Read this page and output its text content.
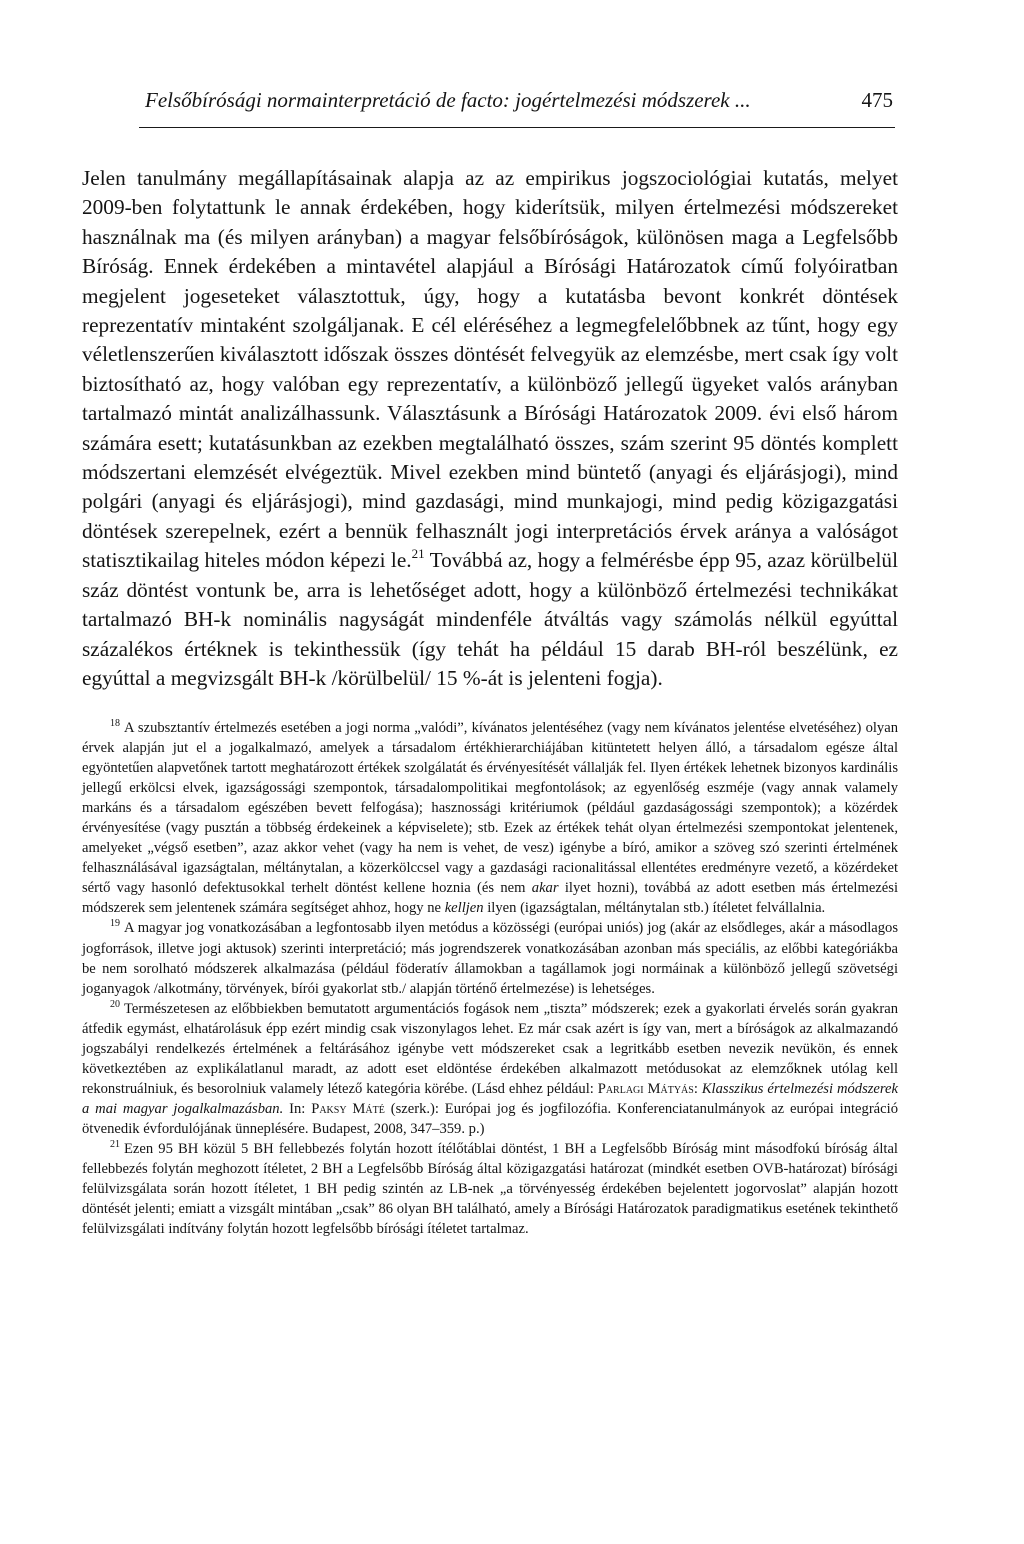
Felsőbírósági normainterpretáció de facto: jogértelmezési módszerek ...	475

Jelen tanulmány megállapításainak alapja az az empirikus jogszociológiai kutatás, melyet 2009-ben folytattunk le annak érdekében, hogy kiderítsük, milyen értelmezési módszereket használnak ma (és milyen arányban) a magyar felsőbíróságok, különösen maga a Legfelsőbb Bíróság. Ennek érdekében a mintavétel alapjául a Bírósági Határozatok című folyóiratban megjelent jogeseteket választottuk, úgy, hogy a kutatásba bevont konkrét döntések reprezentatív mintaként szolgáljanak. E cél eléréséhez a legmegfelelőbbnek az tűnt, hogy egy véletlenszerűen kiválasztott időszak összes döntését felvegyük az elemzésbe, mert csak így volt biztosítható az, hogy valóban egy reprezentatív, a különböző jellegű ügyeket valós arányban tartalmazó mintát analizálhassunk. Választásunk a Bírósági Határozatok 2009. évi első három számára esett; kutatásunkban az ezekben megtalálható összes, szám szerint 95 döntés komplett módszertani elemzését elvégeztük. Mivel ezekben mind büntető (anyagi és eljárásjogi), mind polgári (anyagi és eljárásjogi), mind gazdasági, mind munkajogi, mind pedig közigazgatási döntések szerepelnek, ezért a bennük felhasznált jogi interpretációs érvek aránya a valóságot statisztikailag hiteles módon képezi le.$^{21}$ Továbbá az, hogy a felmérésbe épp 95, azaz körülbelül száz döntést vontunk be, arra is lehetőséget adott, hogy a különböző értelmezési technikákat tartalmazó BH-k nominális nagyságát mindenféle átváltás vagy számolás nélkül egyúttal százalékos értéknek is tekinthessük (így tehát ha például 15 darab BH-ról beszélünk, ez egyúttal a megvizsgált BH-k /körülbelül/ 15 %-át is jelenteni fogja).

$^{18}$ A szubsztantív értelmezés esetében a jogi norma „valódi”, kívánatos jelentéséhez (vagy nem kívánatos jelentése elvetéséhez) olyan érvek alapján jut el a jogalkalmazó, amelyek a társadalom értékhierarchiájában kitüntetett helyen álló, a társadalom egésze által egyöntetűen alapvetőnek tartott meghatározott értékek szolgálatát és érvényesítését vállalják fel. Ilyen értékek lehetnek bizonyos kardinális jellegű erkölcsi elvek, igazságossági szempontok, társadalompolitikai megfontolások; az egyenlőség eszméje (vagy annak valamely markáns és a társadalom egészében bevett felfogása); hasznossági kritériumok (például gazdaságossági szempontok); a közérdek érvényesítése (vagy pusztán a többség érdekeinek a képviselete); stb. Ezek az értékek tehát olyan értelmezési szempontokat jelentenek, amelyeket „végső esetben”, azaz akkor vehet (vagy ha nem is vehet, de vesz) igénybe a bíró, amikor a szöveg szó szerinti értelmének felhasználásával igazságtalan, méltánytalan, a közerkölccsel vagy a gazdasági racionalitással ellentétes eredményre vezető, a közérdeket sértő vagy hasonló defektusokkal terhelt döntést kellene hoznia (és nem akar ilyet hozni), továbbá az adott esetben más értelmezési módszerek sem jelentenek számára segítséget ahhoz, hogy ne kelljen ilyen (igazságtalan, méltánytalan stb.) ítéletet felvállalnia.

$^{19}$ A magyar jog vonatkozásában a legfontosabb ilyen metódus a közösségi (európai uniós) jog (akár az elsődleges, akár a másodlagos jogforrások, illetve jogi aktusok) szerinti interpretáció; más jogrendszerek vonatkozásában azonban más speciális, az előbbi kategóriákba be nem sorolható módszerek alkalmazása (például föderatív államokban a tagállamok jogi normáinak a különböző jellegű szövetségi joganyagok /alkotmány, törvények, bírói gyakorlat stb./ alapján történő értelmezése) is lehetséges.

$^{20}$ Természetesen az előbbiekben bemutatott argumentációs fogások nem „tiszta” módszerek; ezek a gyakorlati érvelés során gyakran átfedik egymást, elhatárolásuk épp ezért mindig csak viszonylagos lehet. Ez már csak azért is így van, mert a bíróságok az alkalmazandó jogszabályi rendelkezés értelmének a feltárásához igénybe vett módszereket csak a legritkább esetben nevezik nevükön, és ennek következtében az explikálatlanul maradt, az adott eset eldöntése érdekében alkalmazott metódusokat az elemzőknek utólag kell rekonstruálniuk, és besorolniuk valamely létező kategória körébe. (Lásd ehhez például: Parlagi Mátyás: Klasszikus értelmezési módszerek a mai magyar jogalkalmazásban. In: Paksy Máté (szerk.): Európai jog és jogfilozófia. Konferenciatanulmányok az európai integráció ötvenedik évfordulójának ünneplésére. Budapest, 2008, 347–359. p.)

$^{21}$ Ezen 95 BH közül 5 BH fellebbezés folytán hozott ítélőtáblai döntést, 1 BH a Legfelsőbb Bíróság mint másodfokú bíróság által fellebbezés folytán meghozott ítéletet, 2 BH a Legfelsőbb Bíróság által közigazgatási határozat (mindkét esetben OVB-határozat) bírósági felülvizsgálata során hozott ítéletet, 1 BH pedig szintén az LB-nek „a törvényesség érdekében bejelentett jogorvoslat” alapján hozott döntését jelenti; emiatt a vizsgált mintában „csak” 86 olyan BH található, amely a Bírósági Határozatok paradigmatikus esetének tekinthető felülvizsgálati indítvány folytán hozott legfelsőbb bírósági ítéletet tartalmaz.
